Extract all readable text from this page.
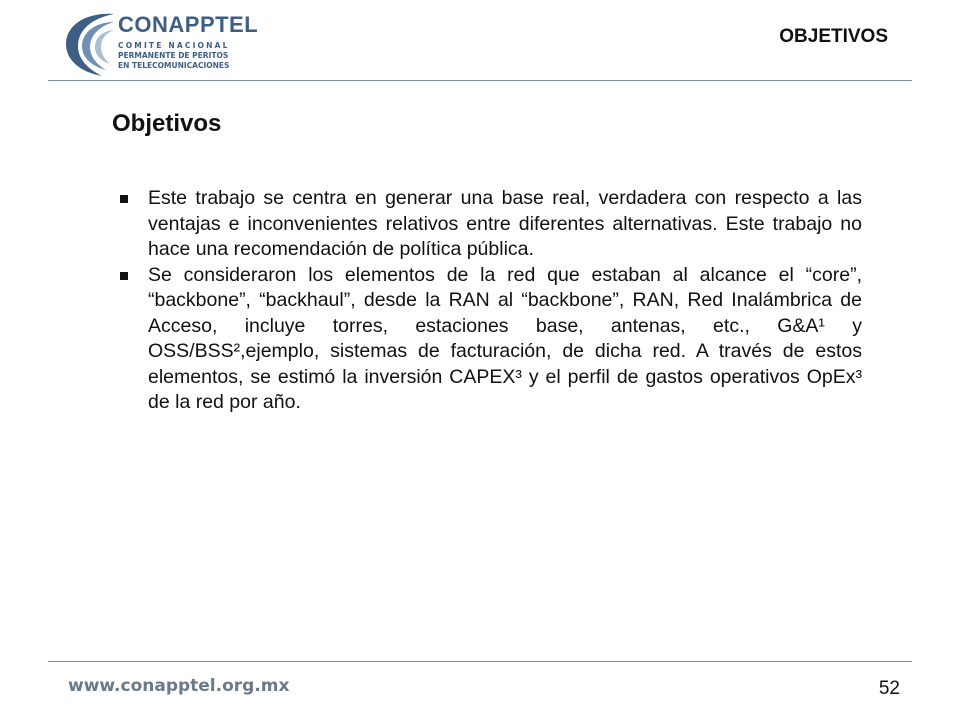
CONAPPTEL
COMITE NACIONAL
PERMANENTE DE PERITOS
EN TELECOMUNICACIONES
OBJETIVOS
Objetivos
Este trabajo se centra en generar una base real, verdadera con respecto a las ventajas e inconvenientes relativos entre diferentes alternativas. Este trabajo no hace una recomendación de política pública.
Se consideraron los elementos de la red que estaban al alcance el “core”, “backbone”, “backhaul”, desde la RAN al “backbone”, RAN, Red Inalámbrica de Acceso, incluye torres, estaciones base, antenas, etc., G&A¹ y OSS/BSS²,ejemplo, sistemas de facturación, de dicha red. A través de estos elementos, se estimó la inversión CAPEX³ y el perfil de gastos operativos OpEx³ de la red por año.
www.conapptel.org.mx	52
